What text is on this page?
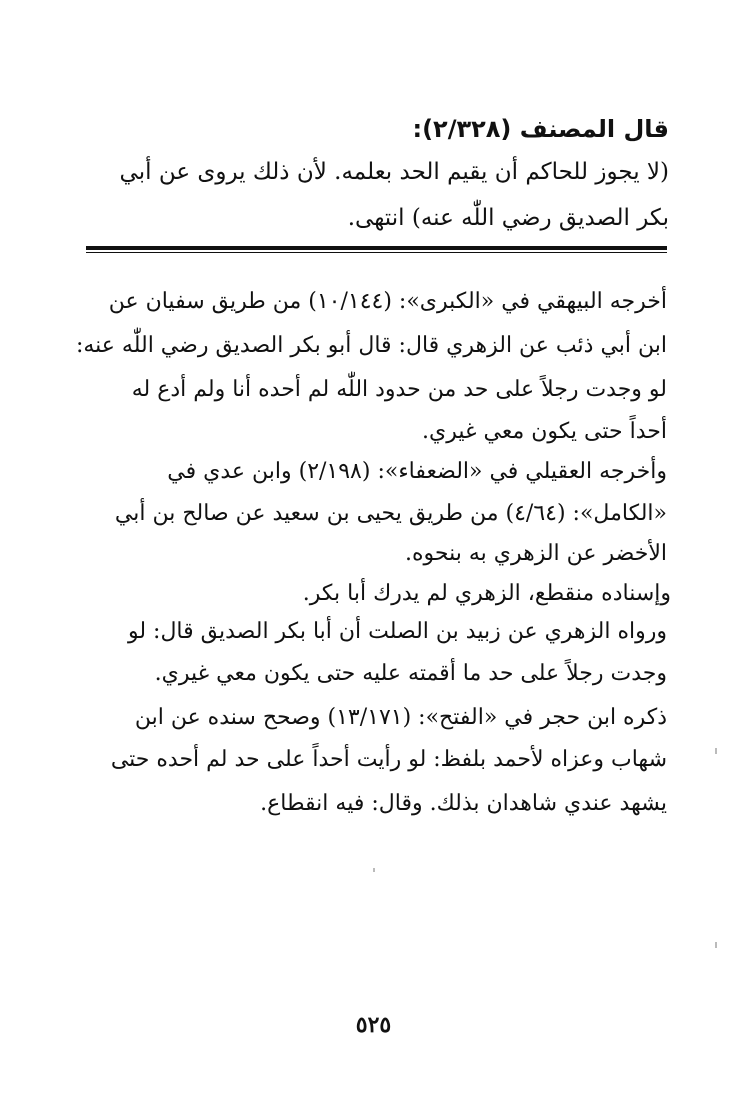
قال المصنف (٢/٣٢٨):
(لا يجوز للحاكم أن يقيم الحد بعلمه. لأن ذلك يروى عن أبي
بكر الصديق رضي اللّٰه عنه) انتهى.
أخرجه البيهقي في «الكبرى»: (١٠/١٤٤) من طريق سفيان عن
ابن أبي ذئب عن الزهري قال: قال أبو بكر الصديق رضي اللّٰه عنه:
لو وجدت رجلاً على حد من حدود اللّٰه لم أحده أنا ولم أدع له
أحداً حتى يكون معي غيري.
وأخرجه العقيلي في «الضعفاء»: (٢/١٩٨) وابن عدي في
«الكامل»: (٤/٦٤) من طريق يحيى بن سعيد عن صالح بن أبي
الأخضر عن الزهري به بنحوه.
وإسناده منقطع، الزهري لم يدرك أبا بكر.
ورواه الزهري عن زبيد بن الصلت أن أبا بكر الصديق قال: لو
وجدت رجلاً على حد ما أقمته عليه حتى يكون معي غيري.
ذكره ابن حجر في «الفتح»: (١٣/١٧١) وصحح سنده عن ابن
شهاب وعزاه لأحمد بلفظ: لو رأيت أحداً على حد لم أحده حتى
يشهد عندي شاهدان بذلك. وقال: فيه انقطاع.
٥٢٥
